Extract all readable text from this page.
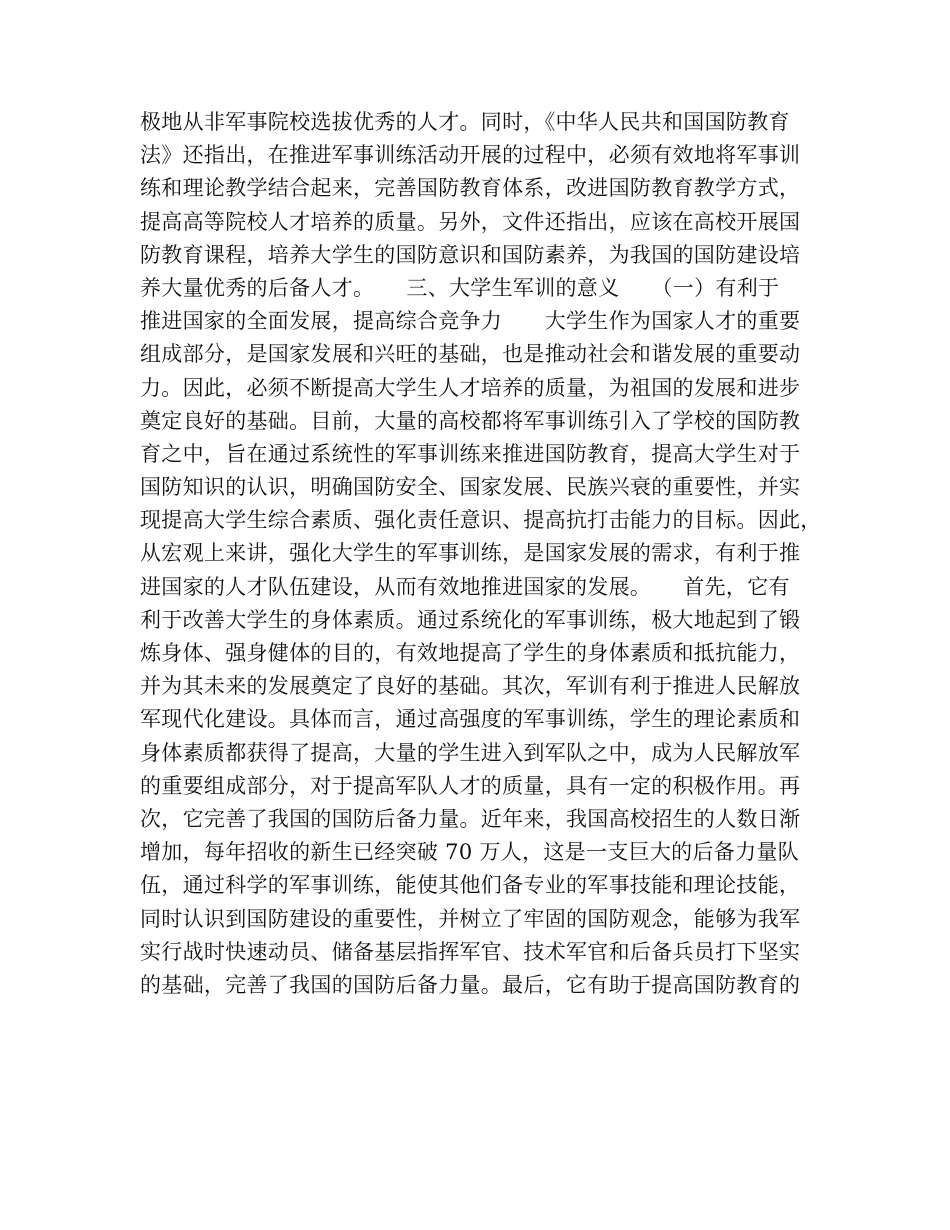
极地从非军事院校选拔优秀的人才。同时，《中华人民共和国国防教育
法》还指出，在推进军事训练活动开展的过程中，必须有效地将军事训
练和理论教学结合起来，完善国防教育体系，改进国防教育教学方式，
提高高等院校人才培养的质量。另外，文件还指出，应该在高校开展国
防教育课程，培养大学生的国防意识和国防素养，为我国的国防建设培
养大量优秀的后备人才。　　三、大学生军训的意义　　（一）有利于
推进国家的全面发展，提高综合竞争力　　大学生作为国家人才的重要
组成部分，是国家发展和兴旺的基础，也是推动社会和谐发展的重要动
力。因此，必须不断提高大学生人才培养的质量，为祖国的发展和进步
奠定良好的基础。目前，大量的高校都将军事训练引入了学校的国防教
育之中，旨在通过系统性的军事训练来推进国防教育，提高大学生对于
国防知识的认识，明确国防安全、国家发展、民族兴衰的重要性，并实
现提高大学生综合素质、强化责任意识、提高抗打击能力的目标。因此，
从宏观上来讲，强化大学生的军事训练，是国家发展的需求，有利于推
进国家的人才队伍建设，从而有效地推进国家的发展。　　首先，它有
利于改善大学生的身体素质。通过系统化的军事训练，极大地起到了锻
炼身体、强身健体的目的，有效地提高了学生的身体素质和抵抗能力，
并为其未来的发展奠定了良好的基础。其次，军训有利于推进人民解放
军现代化建设。具体而言，通过高强度的军事训练，学生的理论素质和
身体素质都获得了提高，大量的学生进入到军队之中，成为人民解放军
的重要组成部分，对于提高军队人才的质量，具有一定的积极作用。再
次，它完善了我国的国防后备力量。近年来，我国高校招生的人数日渐
增加，每年招收的新生已经突破 70 万人，这是一支巨大的后备力量队
伍，通过科学的军事训练，能使其他们备专业的军事技能和理论技能，
同时认识到国防建设的重要性，并树立了牢固的国防观念，能够为我军
实行战时快速动员、储备基层指挥军官、技术军官和后备兵员打下坚实
的基础，完善了我国的国防后备力量。最后，它有助于提高国防教育的
